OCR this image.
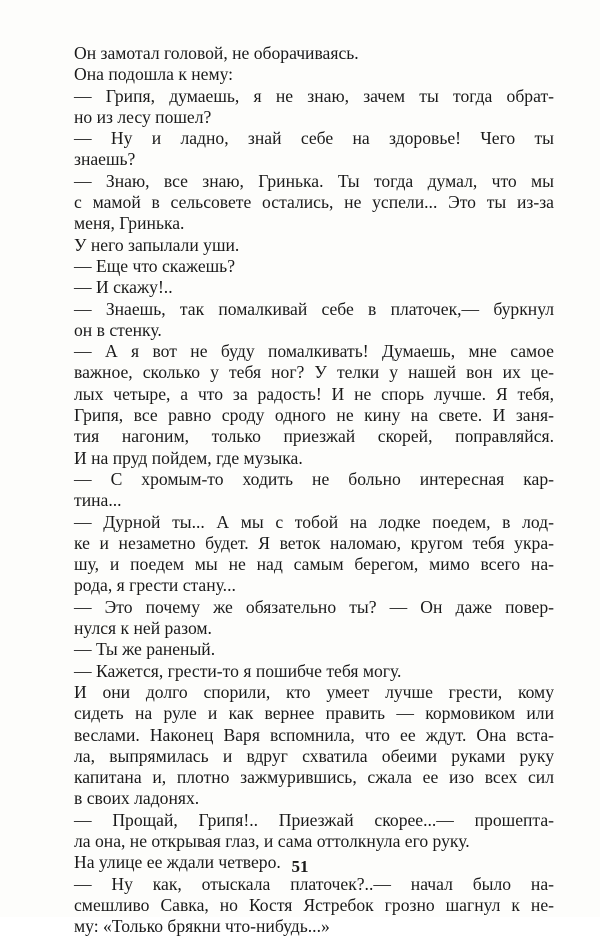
Он замотал головой, не оборачиваясь.
Она подошла к нему:
— Грипя, думаешь, я не знаю, зачем ты тогда обрат-
но из лесу пошел?
— Ну и ладно, знай себе на здоровье! Чего ты
знаешь?
— Знаю, все знаю, Гринька. Ты тогда думал, что мы
с мамой в сельсовете остались, не успели... Это ты из-за
меня, Гринька.
У него запылали уши.
— Еще что скажешь?
— И скажу!..
— Знаешь, так помалкивай себе в платочек,— буркнул
он в стенку.
— А я вот не буду помалкивать! Думаешь, мне самое
важное, сколько у тебя ног? У телки у нашей вон их це-
лых четыре, а что за радость! И не спорь лучше. Я тебя,
Грипя, все равно сроду одного не кину на свете. И заня-
тия нагоним, только приезжай скорей, поправляйся.
И на пруд пойдем, где музыка.
— С хромым-то ходить не больно интересная кар-
тина...
— Дурной ты... А мы с тобой на лодке поедем, в лод-
ке и незаметно будет. Я веток наломаю, кругом тебя укра-
шу, и поедем мы не над самым берегом, мимо всего на-
рода, я грести стану...
— Это почему же обязательно ты? — Он даже повер-
нулся к ней разом.
— Ты же раненый.
— Кажется, грести-то я пошибче тебя могу.
И они долго спорили, кто умеет лучше грести, кому
сидеть на руле и как вернее править — кормовиком или
веслами. Наконец Варя вспомнила, что ее ждут. Она вста-
ла, выпрямилась и вдруг схватила обеими руками руку
капитана и, плотно зажмурившись, сжала ее изо всех сил
в своих ладонях.
— Прощай, Грипя!.. Приезжай скорее...— прошепта-
ла она, не открывая глаз, и сама оттолкнула его руку.
На улице ее ждали четверо.
— Ну как, отыскала платочек?..— начал было на-
смешливо Савка, но Костя Ястребок грозно шагнул к не-
му: «Только брякни что-нибудь...»
51
